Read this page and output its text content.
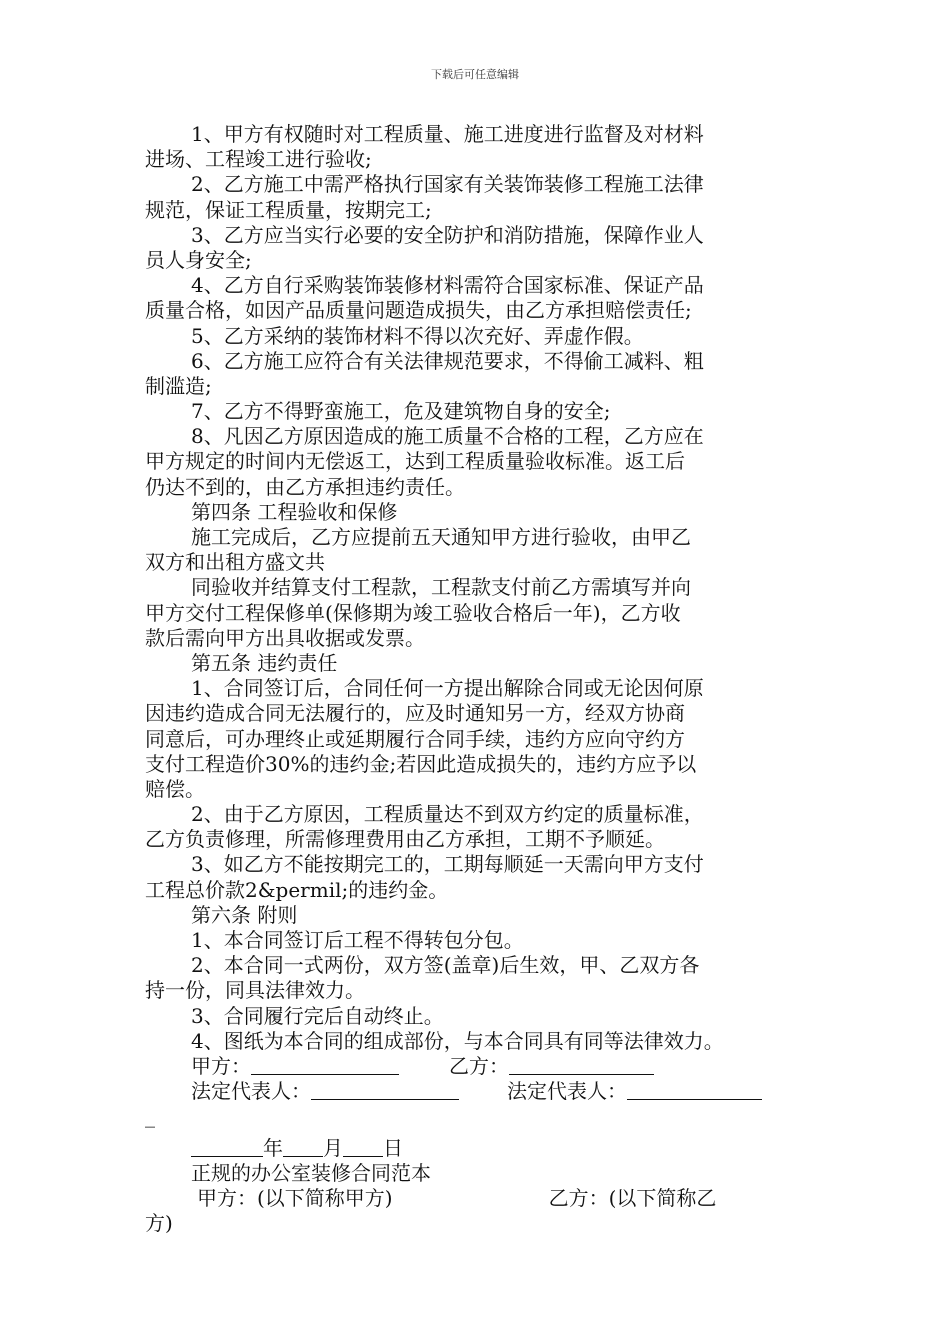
下载后可任意编辑
1、甲方有权随时对工程质量、施工进度进行监督及对材料
进场、工程竣工进行验收;
2、乙方施工中需严格执行国家有关装饰装修工程施工法律
规范，保证工程质量，按期完工;
3、乙方应当实行必要的安全防护和消防措施，保障作业人
员人身安全;
4、乙方自行采购装饰装修材料需符合国家标准、保证产品
质量合格，如因产品质量问题造成损失，由乙方承担赔偿责任;
5、乙方采纳的装饰材料不得以次充好、弄虚作假。
6、乙方施工应符合有关法律规范要求，不得偷工减料、粗
制滥造;
7、乙方不得野蛮施工，危及建筑物自身的安全;
8、凡因乙方原因造成的施工质量不合格的工程，乙方应在
甲方规定的时间内无偿返工，达到工程质量验收标准。返工后
仍达不到的，由乙方承担违约责任。
第四条 工程验收和保修
施工完成后，乙方应提前五天通知甲方进行验收，由甲乙
双方和出租方盛文共
同验收并结算支付工程款，工程款支付前乙方需填写并向
甲方交付工程保修单(保修期为竣工验收合格后一年)，乙方收
款后需向甲方出具收据或发票。
第五条 违约责任
1、合同签订后，合同任何一方提出解除合同或无论因何原
因违约造成合同无法履行的，应及时通知另一方，经双方协商
同意后，可办理终止或延期履行合同手续，违约方应向守约方
支付工程造价30%的违约金;若因此造成损失的，违约方应予以
赔偿。
2、由于乙方原因，工程质量达不到双方约定的质量标准，
乙方负责修理，所需修理费用由乙方承担，工期不予顺延。
3、如乙方不能按期完工的，工期每顺延一天需向甲方支付
工程总价款2&permil;的违约金。
第六条 附则
1、本合同签订后工程不得转包分包。
2、本合同一式两份，双方签(盖章)后生效，甲、乙双方各
持一份，同具法律效力。
3、合同履行完后自动终止。
4、图纸为本合同的组成部份，与本合同具有同等法律效力。
甲方：	乙方：
法定代表人：	法定代表人：
_
年 月 日
正规的办公室装修合同范本
甲方：(以下简称甲方)	乙方：(以下简称乙
方)
